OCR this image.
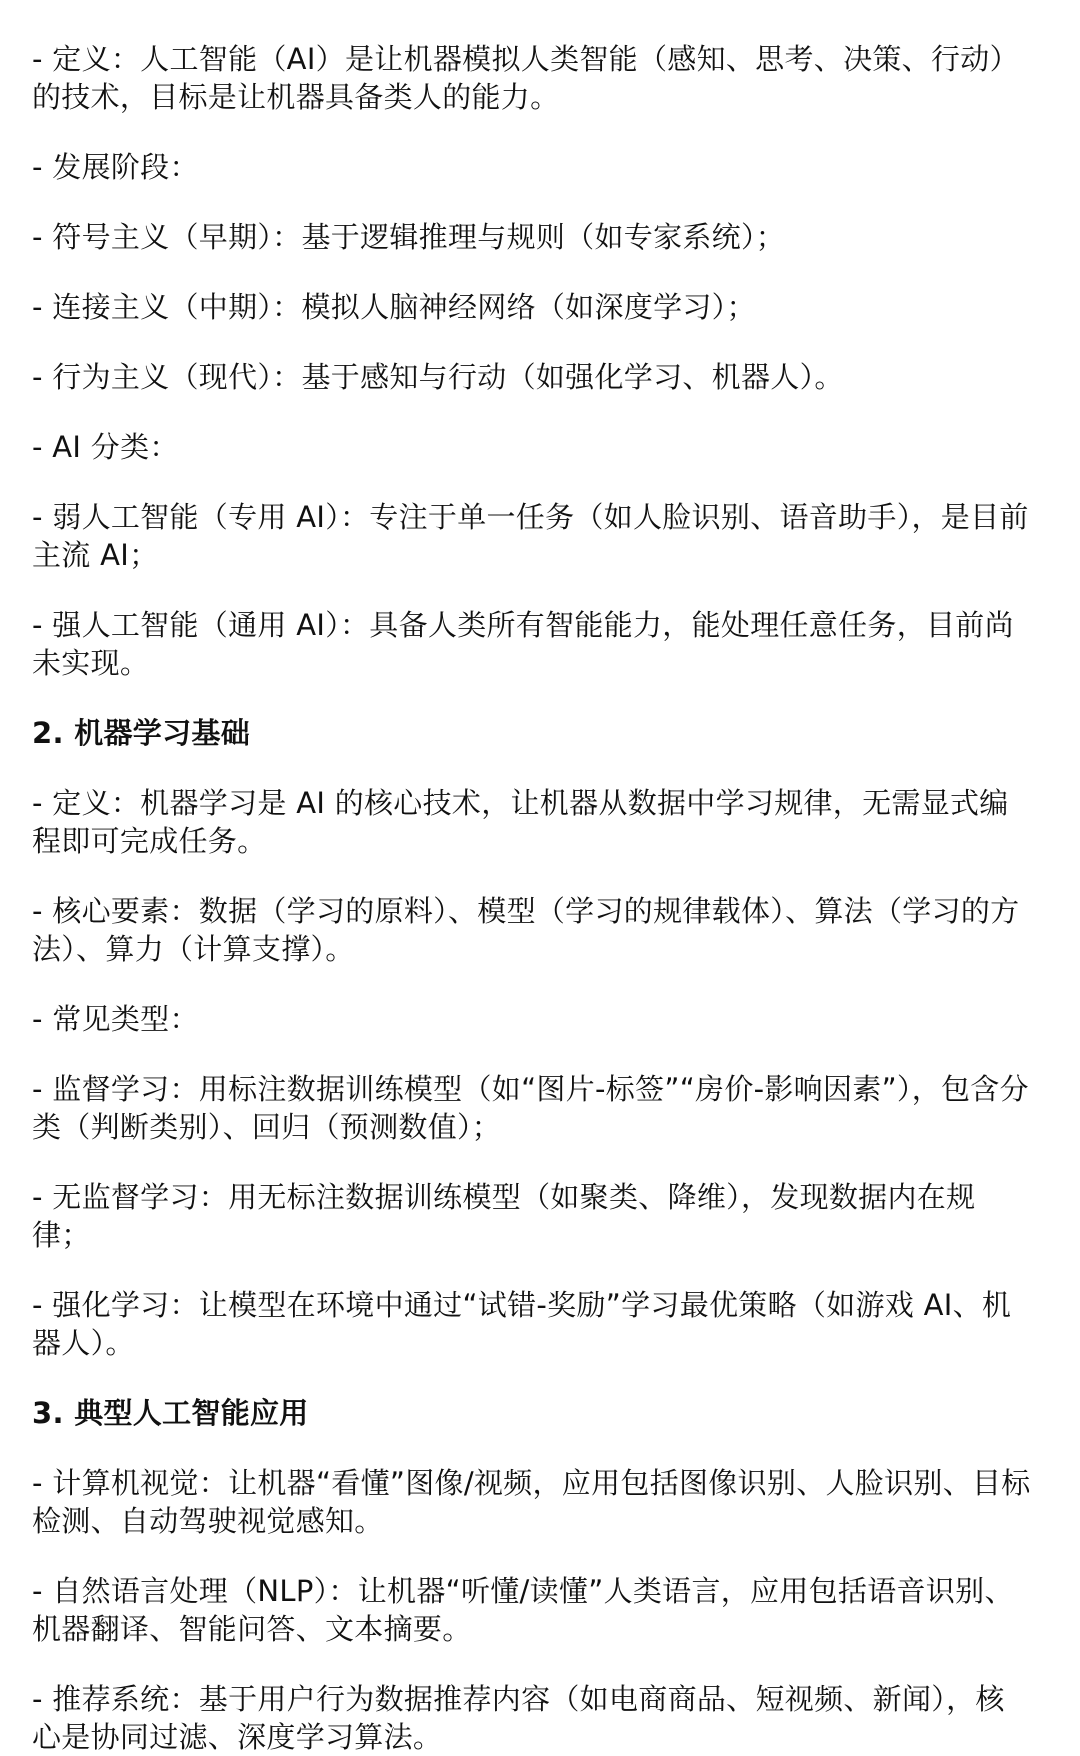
- 定义：人工智能（AI）是让机器模拟人类智能（感知、思考、决策、行动）的技术，目标是让机器具备类人的能力。

- 发展阶段：

- 符号主义（早期）：基于逻辑推理与规则（如专家系统）；

- 连接主义（中期）：模拟人脑神经网络（如深度学习）；

- 行为主义（现代）：基于感知与行动（如强化学习、机器人）。

- AI 分类：

- 弱人工智能（专用 AI）：专注于单一任务（如人脸识别、语音助手），是目前主流 AI；

- 强人工智能（通用 AI）：具备人类所有智能能力，能处理任意任务，目前尚未实现。

2. 机器学习基础

- 定义：机器学习是 AI 的核心技术，让机器从数据中学习规律，无需显式编程即可完成任务。

- 核心要素：数据（学习的原料）、模型（学习的规律载体）、算法（学习的方法）、算力（计算支撑）。

- 常见类型：

- 监督学习：用标注数据训练模型（如“图片-标签”“房价-影响因素”），包含分类（判断类别）、回归（预测数值）；

- 无监督学习：用无标注数据训练模型（如聚类、降维），发现数据内在规律；

- 强化学习：让模型在环境中通过“试错-奖励”学习最优策略（如游戏 AI、机器人）。

3. 典型人工智能应用

- 计算机视觉：让机器“看懂”图像/视频，应用包括图像识别、人脸识别、目标检测、自动驾驶视觉感知。

- 自然语言处理（NLP）：让机器“听懂/读懂”人类语言，应用包括语音识别、机器翻译、智能问答、文本摘要。

- 推荐系统：基于用户行为数据推荐内容（如电商商品、短视频、新闻），核心是协同过滤、深度学习算法。
